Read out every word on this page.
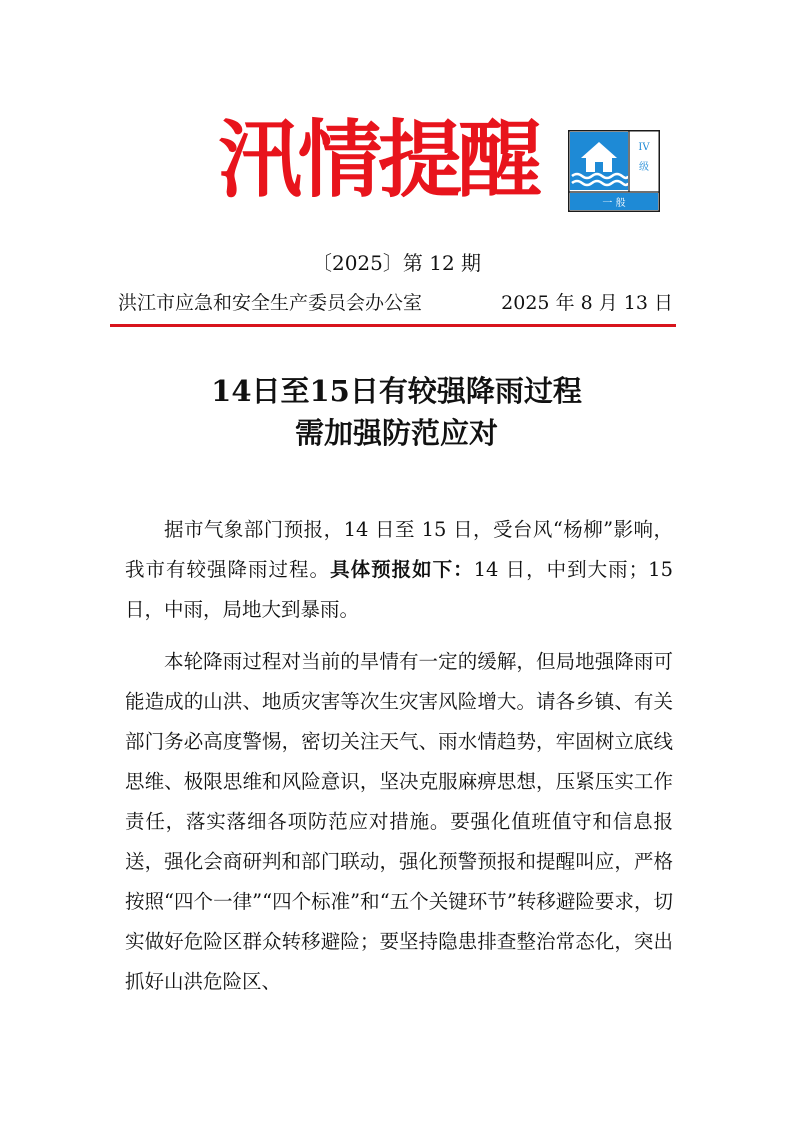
汛情提醒	IV
级
一 般
〔2025〕第 12 期
洪江市应急和安全生产委员会办公室	2025 年 8 月 13 日
14日至15日有较强降雨过程
需加强防范应对

据市气象部门预报，14 日至 15 日，受台风“杨柳”影响，我市有较强降雨过程。具体预报如下：14 日，中到大雨；15 日，中雨，局地大到暴雨。

本轮降雨过程对当前的旱情有一定的缓解，但局地强降雨可能造成的山洪、地质灾害等次生灾害风险增大。请各乡镇、有关部门务必高度警惕，密切关注天气、雨水情趋势，牢固树立底线思维、极限思维和风险意识，坚决克服麻痹思想，压紧压实工作责任，落实落细各项防范应对措施。要强化值班值守和信息报送，强化会商研判和部门联动，强化预警预报和提醒叫应，严格按照“四个一律”“四个标准”和“五个关键环节”转移避险要求，切实做好危险区群众转移避险；要坚持隐患排查整治常态化，突出抓好山洪危险区、
